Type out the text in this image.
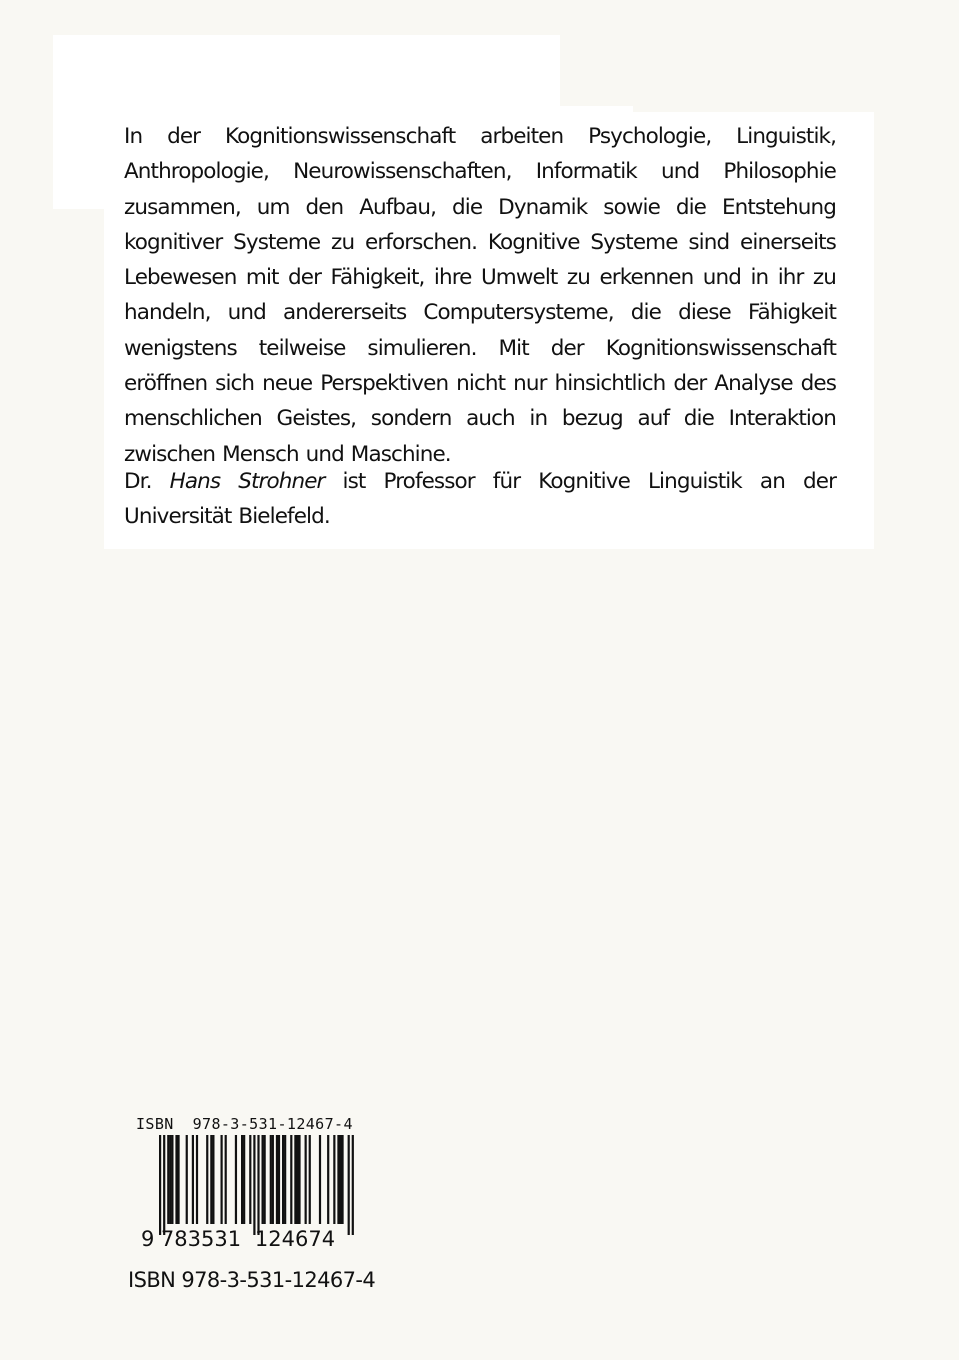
In der Kognitionswissenschaft arbeiten Psychologie, Linguistik, Anthropologie, Neurowissenschaften, Informatik und Philosophie zusammen, um den Aufbau, die Dynamik sowie die Entstehung kognitiver Systeme zu erforschen. Kognitive Systeme sind einerseits Lebewesen mit der Fähigkeit, ihre Umwelt zu erkennen und in ihr zu handeln, und andererseits Computersysteme, die diese Fähigkeit wenigstens teilweise simulieren. Mit der Kognitionswissenschaft eröffnen sich neue Perspektiven nicht nur hinsichtlich der Analyse des menschlichen Geistes, sondern auch in bezug auf die Interaktion zwischen Mensch und Maschine.

Dr. Hans Strohner ist Professor für Kognitive Linguistik an der Universität Bielefeld.

ISBN  978-3-531-12467-4
9 783531 124674
ISBN 978-3-531-12467-4
